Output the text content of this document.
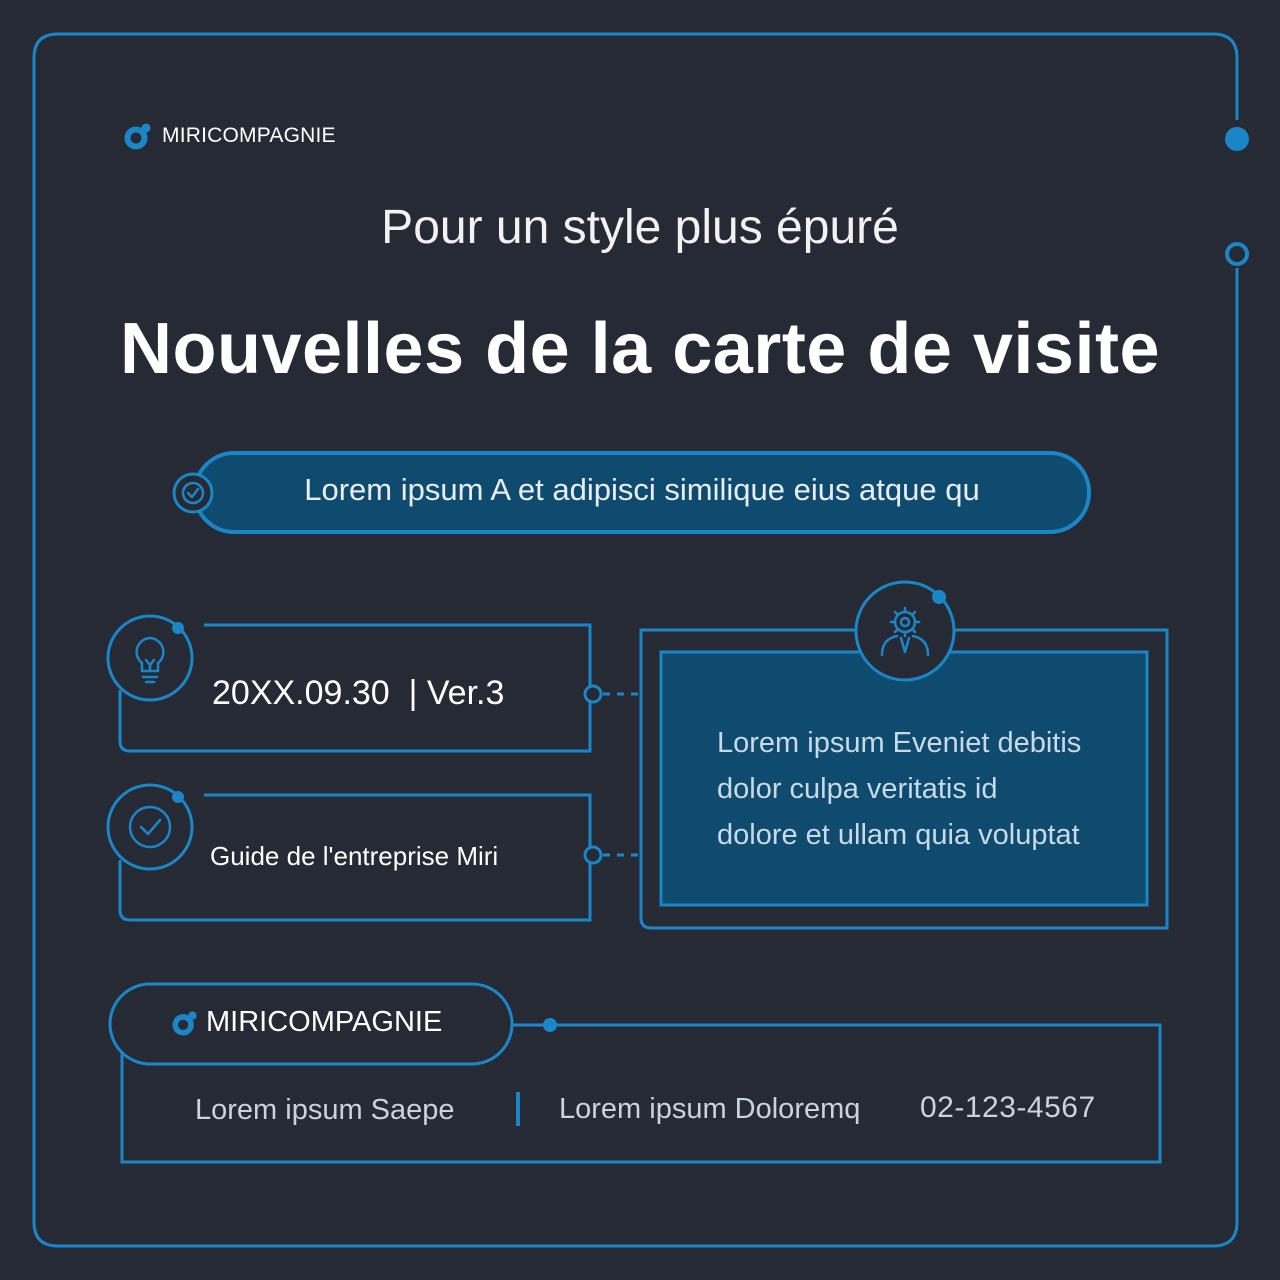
MIRICOMPAGNIE
Pour un style plus épuré
Nouvelles de la carte de visite
Lorem ipsum A et adipisci similique eius atque qu
20XX.09.30  | Ver.3
Guide de l'entreprise Miri
Lorem ipsum Eveniet debitis
dolor culpa veritatis id
dolore et ullam quia voluptat
MIRICOMPAGNIE
Lorem ipsum Saepe	Lorem ipsum Doloremq 02-123-4567
